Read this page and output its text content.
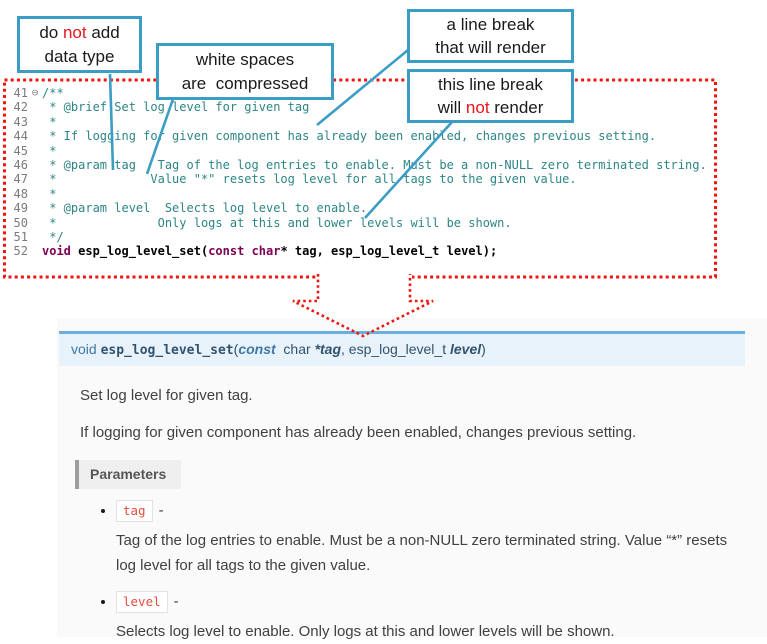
41 ⊖ /**
42 * @brief Set log level for given tag
43 *
44 * If logging for given component has already been enabled, changes previous setting.
45 *
46 * @param tag   Tag of the log entries to enable. Must be a non-NULL zero terminated string.
47 *             Value "*" resets log level for all tags to the given value.
48 *
49 * @param level  Selects log level to enable.
50 *              Only logs at this and lower levels will be shown.
51 */
52 void esp_log_level_set(const char* tag, esp_log_level_t level);
do not add
data type	white spaces
are  compressed
a line break
that will render
this line break
will not render
void esp_log_level_set(const  char *tag, esp_log_level_t level)

Set log level for given tag.

If logging for given component has already been enabled, changes previous setting.

Parameters
• tag -
Tag of the log entries to enable. Must be a non-NULL zero terminated string. Value “*” resets log level for all tags to the given value.
• level -
Selects log level to enable. Only logs at this and lower levels will be shown.
